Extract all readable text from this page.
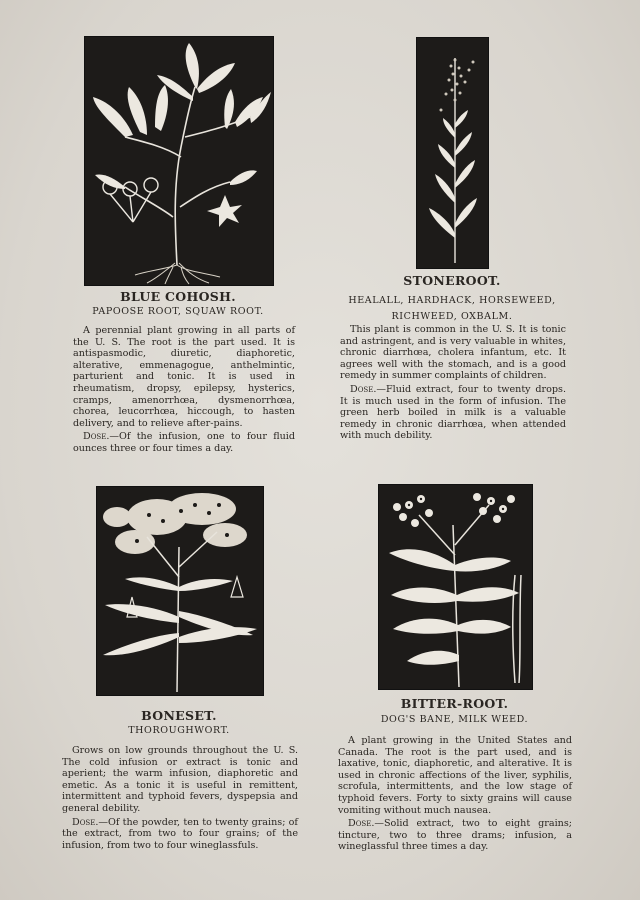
BLUE COHOSH.
PAPOOSE ROOT, SQUAW ROOT.

A perennial plant growing in all parts of the U. S. The root is the part used. It is antispasmodic, diuretic, diaphoretic, alterative, emmenagogue, anthelmintic, parturient and tonic. It is used in rheumatism, dropsy, epilepsy, hysterics, cramps, amenorrhœa, dysmenorrhœa, chorea, leucorrhœa, hiccough, to hasten delivery, and to relieve after-pains.

Dose.—Of the infusion, one to four fluid ounces three or four times a day.

STONEROOT.
HEALALL, HARDHACK, HORSEWEED, RICHWEED, OXBALM.

This plant is common in the U. S. It is tonic and astringent, and is very valuable in whites, chronic diarrhœa, cholera infantum, etc. It agrees well with the stomach, and is a good remedy in summer complaints of children.

Dose.—Fluid extract, four to twenty drops. It is much used in the form of infusion. The green herb boiled in milk is a valuable remedy in chronic diarrhœa, when attended with much debility.

BONESET.
THOROUGHWORT.

Grows on low grounds throughout the U. S. The cold infusion or extract is tonic and aperient; the warm infusion, diaphoretic and emetic. As a tonic it is useful in remittent, intermittent and typhoid fevers, dyspepsia and general debility.

Dose.—Of the powder, ten to twenty grains; of the extract, from two to four grains; of the infusion, from two to four wineglassfuls.

BITTER-ROOT.
DOG'S BANE, MILK WEED.

A plant growing in the United States and Canada. The root is the part used, and is laxative, tonic, diaphoretic, and alterative. It is used in chronic affections of the liver, syphilis, scrofula, intermittents, and the low stage of typhoid fevers. Forty to sixty grains will cause vomiting without much nausea.

Dose.—Solid extract, two to eight grains; tincture, two to three drams; infusion, a wineglassful three times a day.
